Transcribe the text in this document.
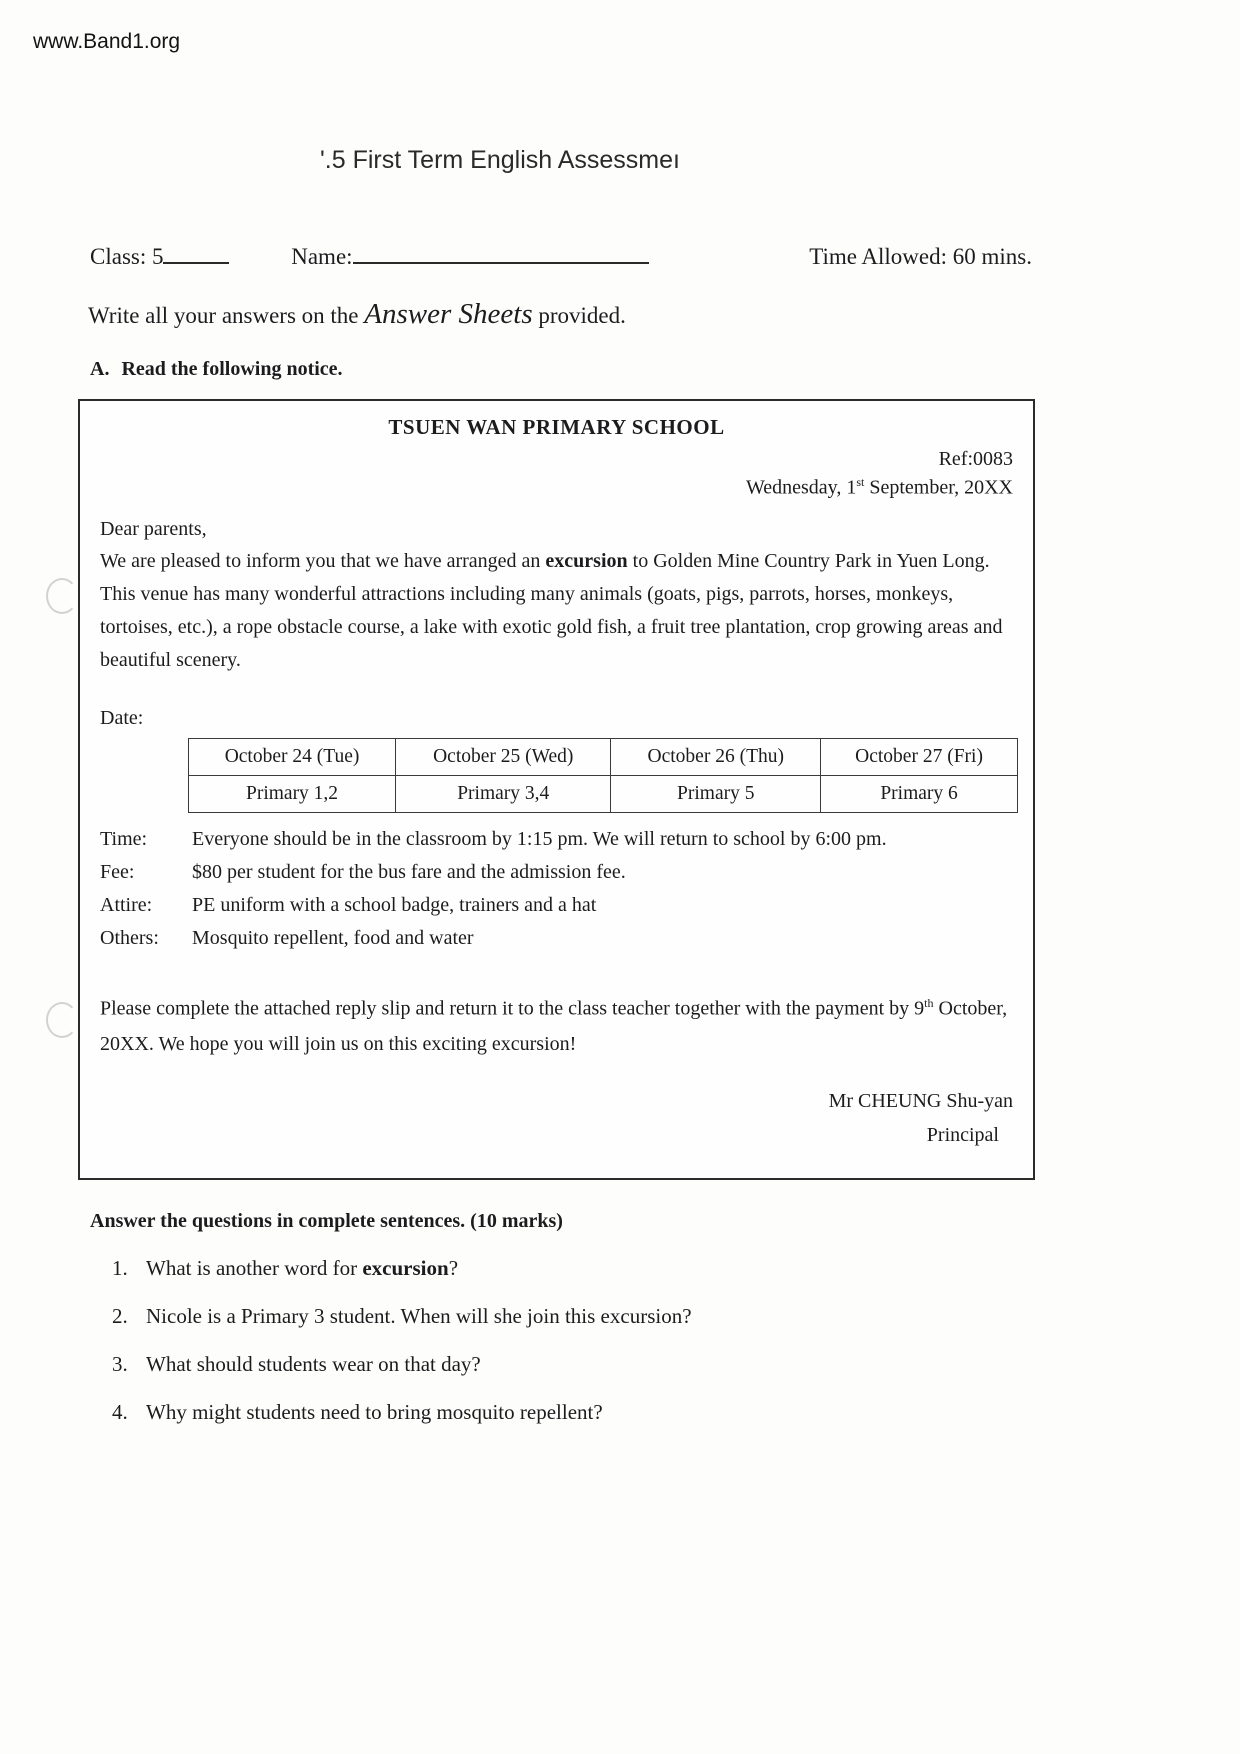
www.Band1.org
'.5 First Term English Assessmeı
Class: 5	Name:	Time Allowed: 60 mins.
Write all your answers on the Answer Sheets provided.
A. Read the following notice.
TSUEN WAN PRIMARY SCHOOL
Ref:0083
Wednesday, 1st September, 20XX
Dear parents,
We are pleased to inform you that we have arranged an excursion to Golden Mine Country Park in Yuen Long. This venue has many wonderful attractions including many animals (goats, pigs, parrots, horses, monkeys, tortoises, etc.), a rope obstacle course, a lake with exotic gold fish, a fruit tree plantation, crop growing areas and beautiful scenery.
Date:
October 24 (Tue)	October 25 (Wed)	October 26 (Thu)	October 27 (Fri)
Primary 1,2	Primary 3,4	Primary 5	Primary 6
Time:	Everyone should be in the classroom by 1:15 pm. We will return to school by 6:00 pm.
Fee:	$80 per student for the bus fare and the admission fee.
Attire:	PE uniform with a school badge, trainers and a hat
Others:	Mosquito repellent, food and water
Please complete the attached reply slip and return it to the class teacher together with the payment by 9th October, 20XX. We hope you will join us on this exciting excursion!
Mr CHEUNG Shu-yan
Principal
Answer the questions in complete sentences. (10 marks)
1. What is another word for excursion?
2. Nicole is a Primary 3 student. When will she join this excursion?
3. What should students wear on that day?
4. Why might students need to bring mosquito repellent?
